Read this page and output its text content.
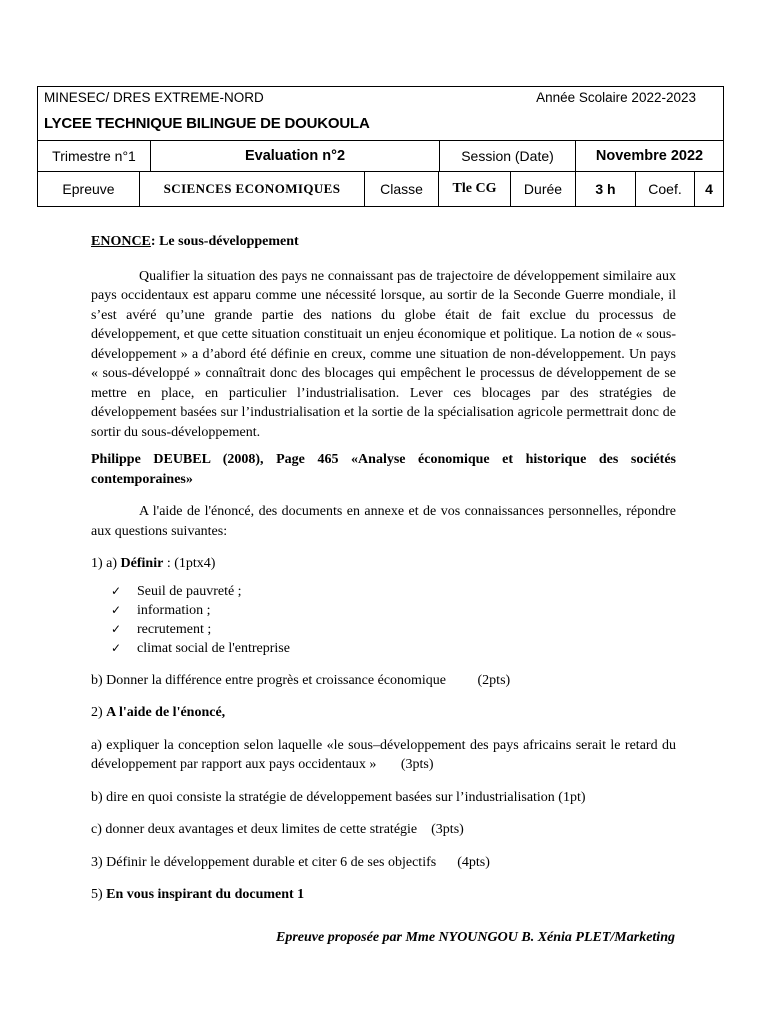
MINESEC/ DRES EXTREME-NORD	Année Scolaire 2022-2023
LYCEE TECHNIQUE BILINGUE DE DOUKOULA
Trimestre n°1	Evaluation n°2	Session (Date)	Novembre 2022
Epreuve	SCIENCES ECONOMIQUES	Classe	Tle CG	Durée	3 h	Coef.	4

ENONCE: Le sous-développement

Qualifier la situation des pays ne connaissant pas de trajectoire de développement similaire aux pays occidentaux est apparu comme une nécessité lorsque, au sortir de la Seconde Guerre mondiale, il s’est avéré qu’une grande partie des nations du globe était de fait exclue du processus de développement, et que cette situation constituait un enjeu économique et politique. La notion de « sous-développement » a d’abord été définie en creux, comme une situation de non-développement. Un pays « sous-développé » connaîtrait donc des blocages qui empêchent le processus de développement de se mettre en place, en particulier l’industrialisation. Lever ces blocages par des stratégies de développement basées sur l’industrialisation et la sortie de la spécialisation agricole permettrait donc de sortir du sous-développement.

Philippe DEUBEL (2008), Page 465 «Analyse économique et historique des sociétés contemporaines»

A l'aide de l'énoncé, des documents en annexe et de vos connaissances personnelles, répondre aux questions suivantes:

1) a) Définir : (1ptx4)

✓	Seuil de pauvreté ;
✓	information ;
✓	recrutement ;
✓	climat social de l'entreprise

b) Donner la différence entre progrès et croissance économique         (2pts)

2) A l'aide de l'énoncé,

a) expliquer la conception selon laquelle «le sous–développement des pays africains serait le retard du développement par rapport aux pays occidentaux »       (3pts)

b) dire en quoi consiste la stratégie de développement basées sur l’industrialisation (1pt)

c) donner deux avantages et deux limites de cette stratégie    (3pts)

3) Définir le développement durable et citer 6 de ses objectifs      (4pts)

5) En vous inspirant du document 1

Epreuve proposée par Mme NYOUNGOU B. Xénia PLET/Marketing
